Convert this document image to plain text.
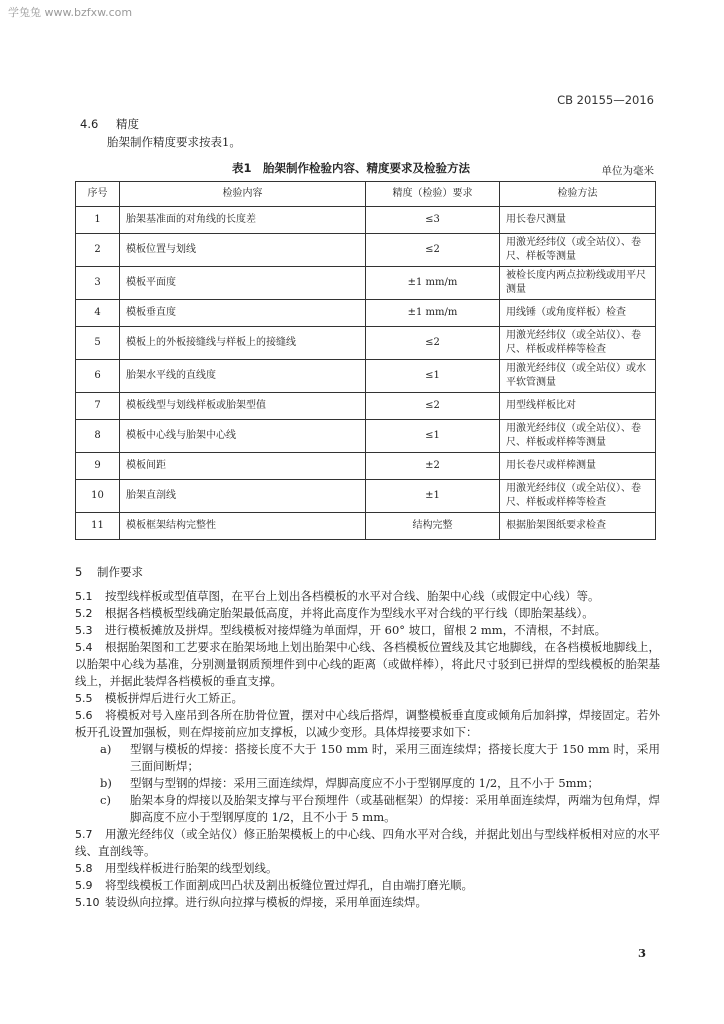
学兔兔 www.bzfxw.com
CB 20155—2016
4.6 精度
胎架制作精度要求按表1。
表1　胎架制作检验内容、精度要求及检验方法	单位为毫米
序号	检验内容	精度（检验）要求	检验方法
1	胎架基准面的对角线的长度差	≤3	用长卷尺测量
2	模板位置与划线	≤2	用激光经纬仪（或全站仪）、卷尺、样板等测量
3	模板平面度	±1 mm/m	被检长度内两点拉粉线或用平尺测量
4	模板垂直度	±1 mm/m	用线锤（或角度样板）检查
5	模板上的外板接缝线与样板上的接缝线	≤2	用激光经纬仪（或全站仪）、卷尺、样板或样棒等检查
6	胎架水平线的直线度	≤1	用激光经纬仪（或全站仪）或水平软管测量
7	模板线型与划线样板或胎架型值	≤2	用型线样板比对
8	模板中心线与胎架中心线	≤1	用激光经纬仪（或全站仪）、卷尺、样板或样棒等测量
9	模板间距	±2	用长卷尺或样棒测量
10	胎架直剖线	±1	用激光经纬仪（或全站仪）、卷尺、样板或样棒等检查
11	模板框架结构完整性	结构完整	根据胎架图纸要求检查

5 制作要求

5.1 按型线样板或型值草图，在平台上划出各档模板的水平对合线、胎架中心线（或假定中心线）等。

5.2 根据各档模板型线确定胎架最低高度，并将此高度作为型线水平对合线的平行线（即胎架基线）。

5.3 进行模板摊放及拼焊。型线模板对接焊缝为单面焊，开 60° 坡口，留根 2 mm，不清根，不封底。

5.4 根据胎架图和工艺要求在胎架场地上划出胎架中心线、各档模板位置线及其它地脚线，在各档模板地脚线上，以胎架中心线为基准，分别测量钢质预埋件到中心线的距离（或做样棒），将此尺寸驳到已拼焊的型线模板的胎架基线上，并据此装焊各档模板的垂直支撑。

5.5 模板拼焊后进行火工矫正。

5.6 将模板对号入座吊到各所在肋骨位置，摆对中心线后搭焊，调整模板垂直度或倾角后加斜撑，焊接固定。若外板开孔设置加强板，则在焊接前应加支撑板，以减少变形。具体焊接要求如下：

a) 型钢与模板的焊接：搭接长度不大于 150 mm 时，采用三面连续焊；搭接长度大于 150 mm 时，采用三面间断焊；

b) 型钢与型钢的焊接：采用三面连续焊，焊脚高度应不小于型钢厚度的 1/2，且不小于 5mm；

c) 胎架本身的焊接以及胎架支撑与平台预埋件（或基础框架）的焊接：采用单面连续焊，两端为包角焊，焊脚高度不应小于型钢厚度的 1/2，且不小于 5 mm。

5.7 用激光经纬仪（或全站仪）修正胎架模板上的中心线、四角水平对合线，并据此划出与型线样板相对应的水平线、直剖线等。

5.8 用型线样板进行胎架的线型划线。

5.9 将型线模板工作面割成凹凸状及割出板缝位置过焊孔，自由端打磨光顺。

5.10 装设纵向拉撑。进行纵向拉撑与模板的焊接，采用单面连续焊。

3
